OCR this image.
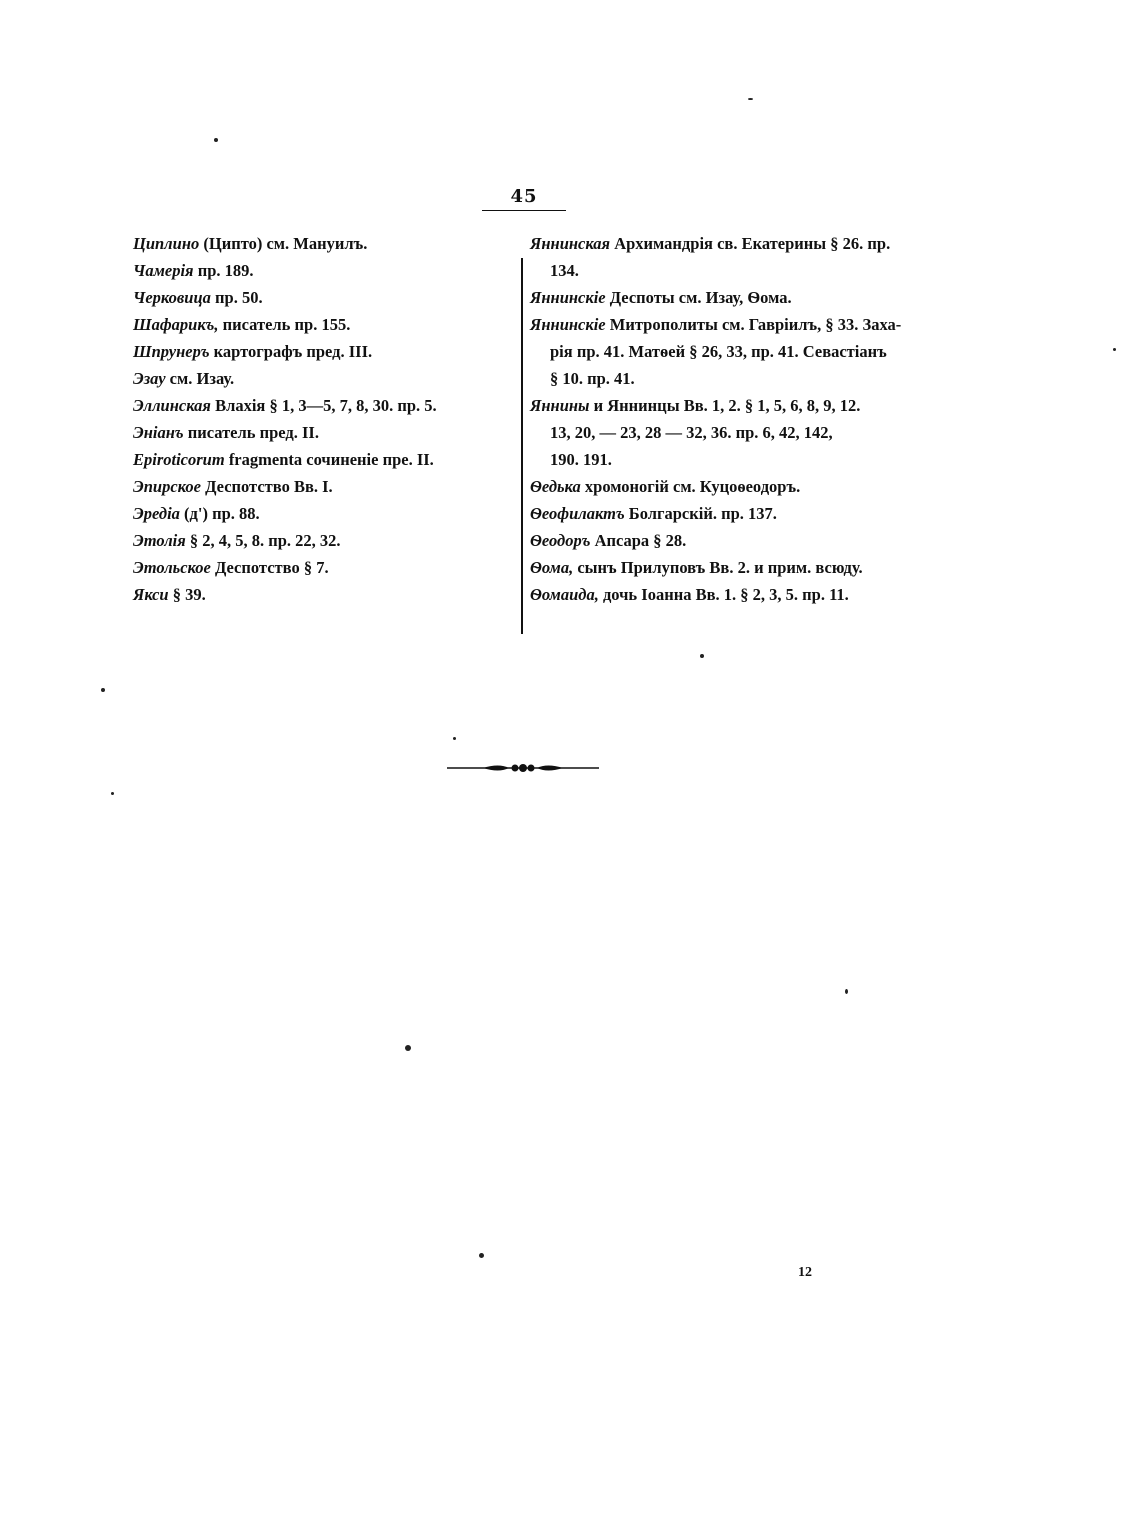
45
Циплино (Ципто) см. Мануилъ.
Чамерія пр. 189.
Черковица пр. 50.
Шафарикъ, писатель пр. 155.
Шпрунеръ картографъ пред. III.
Эзау см. Изау.
Эллинская Влахія § 1, 3—5, 7, 8, 30. пр. 5.
Эніанъ писатель пред. II.
Epiroticorum fragmenta сочиненіе пре. II.
Эпирское Деспотство Вв. I.
Эредіа (д') пр. 88.
Этолія § 2, 4, 5, 8. пр. 22, 32.
Этольское Деспотство § 7.
Якси § 39.
Яннинская Архимандрія св. Екатерины § 26. пр.
134.
Яннинскіе Деспоты см. Изау, Ѳома.
Яннинскіе Митрополиты см. Гавріилъ, § 33. Заха-
рія пр. 41. Матѳей § 26, 33, пр. 41. Севастіанъ
§ 10. пр. 41.
Яннины и Яннинцы Вв. 1, 2. § 1, 5, 6, 8, 9, 12.
13, 20, — 23, 28 — 32, 36. пр. 6, 42, 142,
190. 191.
Ѳедька хромоногій см. Куцоѳеодоръ.
Ѳеофилактъ Болгарскій. пр. 137.
Ѳеодоръ Апсара § 28.
Ѳома, сынъ Прилуповъ Вв. 2. и прим. всюду.
Ѳомаида, дочь Іоанна Вв. 1. § 2, 3, 5. пр. 11.
12
